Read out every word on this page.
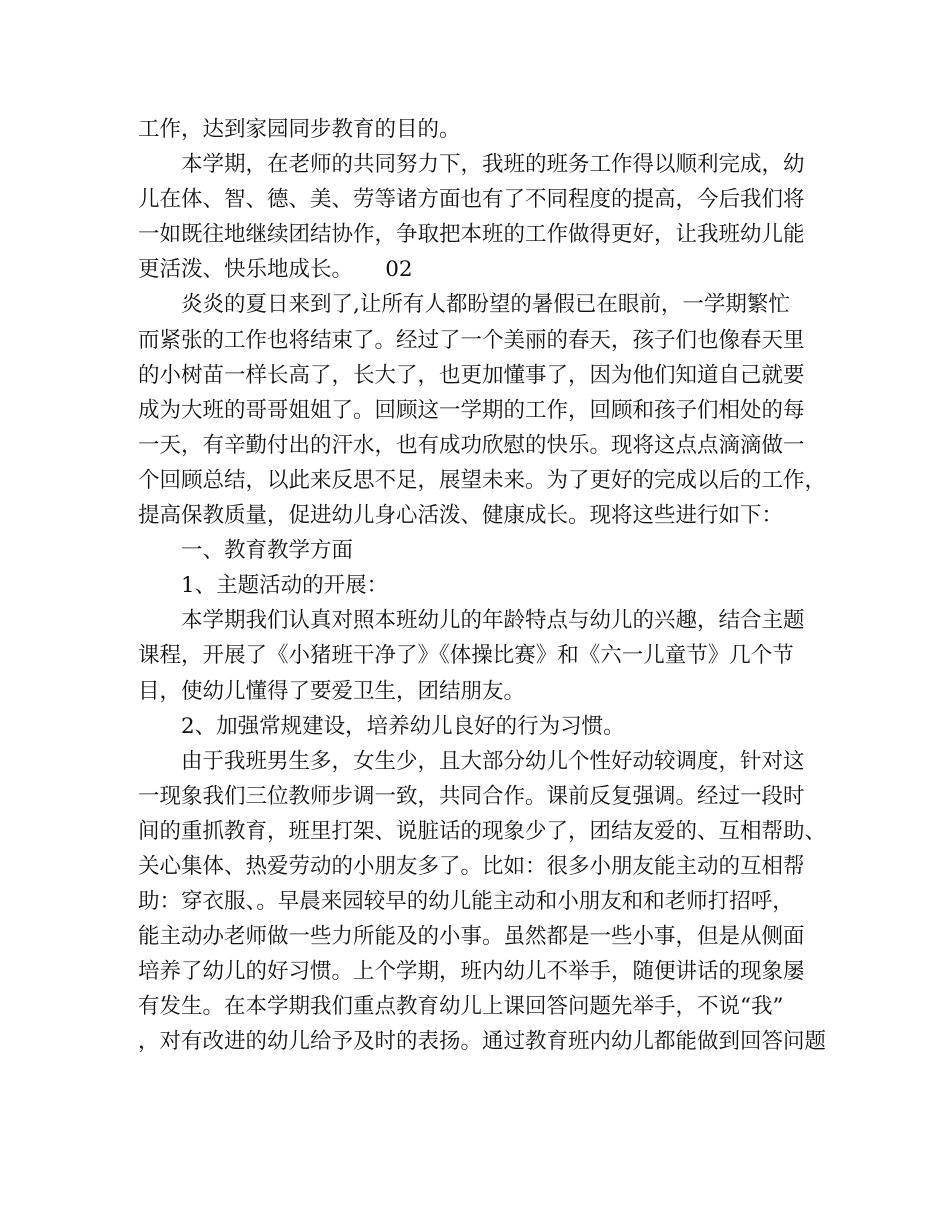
工作，达到家园同步教育的目的。
本学期，在老师的共同努力下，我班的班务工作得以顺利完成，幼
儿在体、智、德、美、劳等诸方面也有了不同程度的提高，今后我们将
一如既往地继续团结协作，争取把本班的工作做得更好，让我班幼儿能
更活泼、快乐地成长。　　02
炎炎的夏日来到了,让所有人都盼望的暑假已在眼前，一学期繁忙
而紧张的工作也将结束了。经过了一个美丽的春天，孩子们也像春天里
的小树苗一样长高了，长大了，也更加懂事了，因为他们知道自己就要
成为大班的哥哥姐姐了。回顾这一学期的工作，回顾和孩子们相处的每
一天，有辛勤付出的汗水，也有成功欣慰的快乐。现将这点点滴滴做一
个回顾总结，以此来反思不足，展望未来。为了更好的完成以后的工作，
提高保教质量，促进幼儿身心活泼、健康成长。现将这些进行如下：
一、教育教学方面
1、主题活动的开展：
本学期我们认真对照本班幼儿的年龄特点与幼儿的兴趣，结合主题
课程，开展了《小猪班干净了》《体操比赛》和《六一儿童节》几个节
目，使幼儿懂得了要爱卫生，团结朋友。
2、加强常规建设，培养幼儿良好的行为习惯。
由于我班男生多，女生少，且大部分幼儿个性好动较调度，针对这
一现象我们三位教师步调一致，共同合作。课前反复强调。经过一段时
间的重抓教育，班里打架、说脏话的现象少了，团结友爱的、互相帮助、
关心集体、热爱劳动的小朋友多了。比如：很多小朋友能主动的互相帮
助：穿衣服、。早晨来园较早的幼儿能主动和小朋友和和老师打招呼，
能主动办老师做一些力所能及的小事。虽然都是一些小事，但是从侧面
培养了幼儿的好习惯。上个学期，班内幼儿不举手，随便讲话的现象屡
有发生。在本学期我们重点教育幼儿上课回答问题先举手，不说“我”
，对有改进的幼儿给予及时的表扬。通过教育班内幼儿都能做到回答问题
